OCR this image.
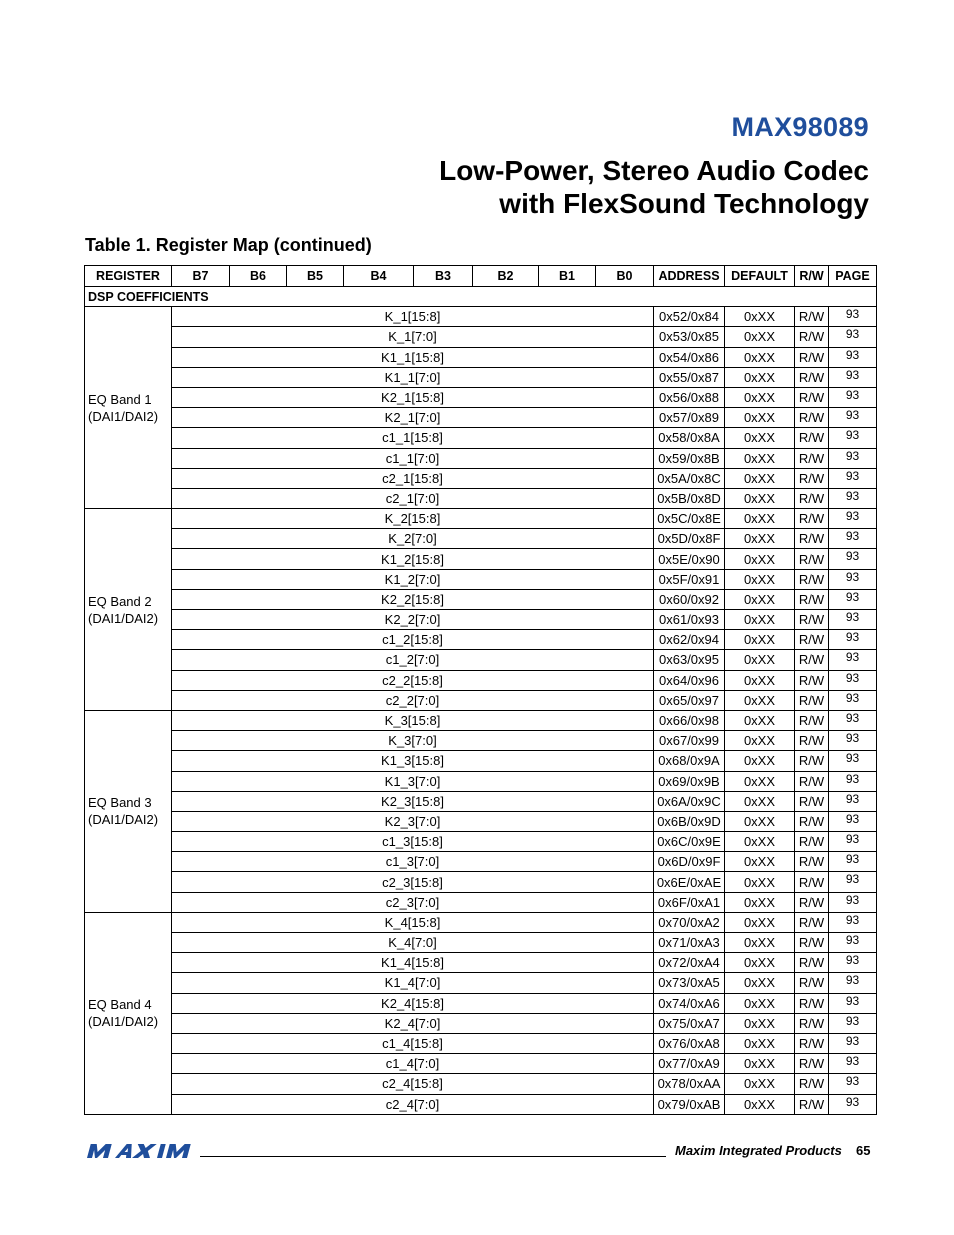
MAX98089
Low-Power, Stereo Audio Codec
with FlexSound Technology
Table 1. Register Map (continued)
REGISTER	B7	B6	B5	B4	B3	B2	B1	B0	ADDRESS	DEFAULT	R/W	PAGE
DSP COEFFICIENTS												

EQ Band 1
(DAI1/DAI2)	K_1[15:8]								0x52/0x84	0xXX	R/W	93
	K_1[7:0]								0x53/0x85	0xXX	R/W	93
	K1_1[15:8]								0x54/0x86	0xXX	R/W	93
	K1_1[7:0]								0x55/0x87	0xXX	R/W	93
	K2_1[15:8]								0x56/0x88	0xXX	R/W	93
	K2_1[7:0]								0x57/0x89	0xXX	R/W	93
	c1_1[15:8]								0x58/0x8A	0xXX	R/W	93
	c1_1[7:0]								0x59/0x8B	0xXX	R/W	93
	c2_1[15:8]								0x5A/0x8C	0xXX	R/W	93
	c2_1[7:0]								0x5B/0x8D	0xXX	R/W	93

EQ Band 2
(DAI1/DAI2)	K_2[15:8]								0x5C/0x8E	0xXX	R/W	93
	K_2[7:0]								0x5D/0x8F	0xXX	R/W	93
	K1_2[15:8]								0x5E/0x90	0xXX	R/W	93
	K1_2[7:0]								0x5F/0x91	0xXX	R/W	93
	K2_2[15:8]								0x60/0x92	0xXX	R/W	93
	K2_2[7:0]								0x61/0x93	0xXX	R/W	93
	c1_2[15:8]								0x62/0x94	0xXX	R/W	93
	c1_2[7:0]								0x63/0x95	0xXX	R/W	93
	c2_2[15:8]								0x64/0x96	0xXX	R/W	93
	c2_2[7:0]								0x65/0x97	0xXX	R/W	93

EQ Band 3
(DAI1/DAI2)	K_3[15:8]								0x66/0x98	0xXX	R/W	93
	K_3[7:0]								0x67/0x99	0xXX	R/W	93
	K1_3[15:8]								0x68/0x9A	0xXX	R/W	93
	K1_3[7:0]								0x69/0x9B	0xXX	R/W	93
	K2_3[15:8]								0x6A/0x9C	0xXX	R/W	93
	K2_3[7:0]								0x6B/0x9D	0xXX	R/W	93
	c1_3[15:8]								0x6C/0x9E	0xXX	R/W	93
	c1_3[7:0]								0x6D/0x9F	0xXX	R/W	93
	c2_3[15:8]								0x6E/0xAE	0xXX	R/W	93
	c2_3[7:0]								0x6F/0xA1	0xXX	R/W	93

EQ Band 4
(DAI1/DAI2)	K_4[15:8]								0x70/0xA2	0xXX	R/W	93
	K_4[7:0]								0x71/0xA3	0xXX	R/W	93
	K1_4[15:8]								0x72/0xA4	0xXX	R/W	93
	K1_4[7:0]								0x73/0xA5	0xXX	R/W	93
	K2_4[15:8]								0x74/0xA6	0xXX	R/W	93
	K2_4[7:0]								0x75/0xA7	0xXX	R/W	93
	c1_4[15:8]								0x76/0xA8	0xXX	R/W	93
	c1_4[7:0]								0x77/0xA9	0xXX	R/W	93
	c2_4[15:8]								0x78/0xAA	0xXX	R/W	93
	c2_4[7:0]								0x79/0xAB	0xXX	R/W	93
Maxim Integrated Products 65
